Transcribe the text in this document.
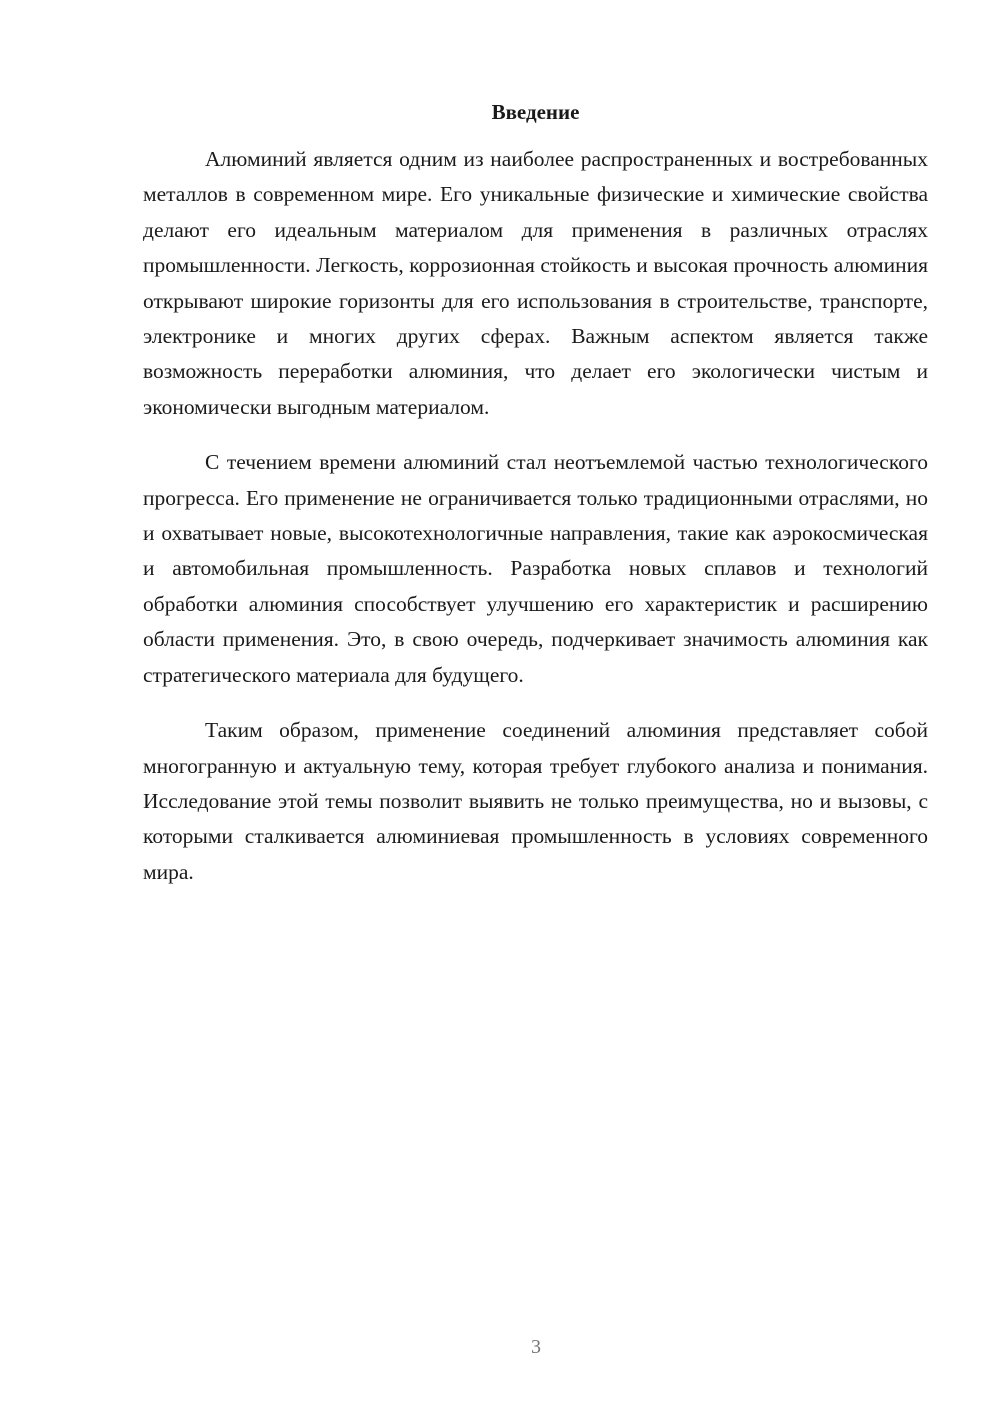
Введение

Алюминий является одним из наиболее распространенных и востребованных металлов в современном мире. Его уникальные физические и химические свойства делают его идеальным материалом для применения в различных отраслях промышленности. Легкость, коррозионная стойкость и высокая прочность алюминия открывают широкие горизонты для его использования в строительстве, транспорте, электронике и многих других сферах. Важным аспектом является также возможность переработки алюминия, что делает его экологически чистым и экономически выгодным материалом.

С течением времени алюминий стал неотъемлемой частью технологического прогресса. Его применение не ограничивается только традиционными отраслями, но и охватывает новые, высокотехнологичные направления, такие как аэрокосмическая и автомобильная промышленность. Разработка новых сплавов и технологий обработки алюминия способствует улучшению его характеристик и расширению области применения. Это, в свою очередь, подчеркивает значимость алюминия как стратегического материала для будущего.

Таким образом, применение соединений алюминия представляет собой многогранную и актуальную тему, которая требует глубокого анализа и понимания. Исследование этой темы позволит выявить не только преимущества, но и вызовы, с которыми сталкивается алюминиевая промышленность в условиях современного мира.

3
